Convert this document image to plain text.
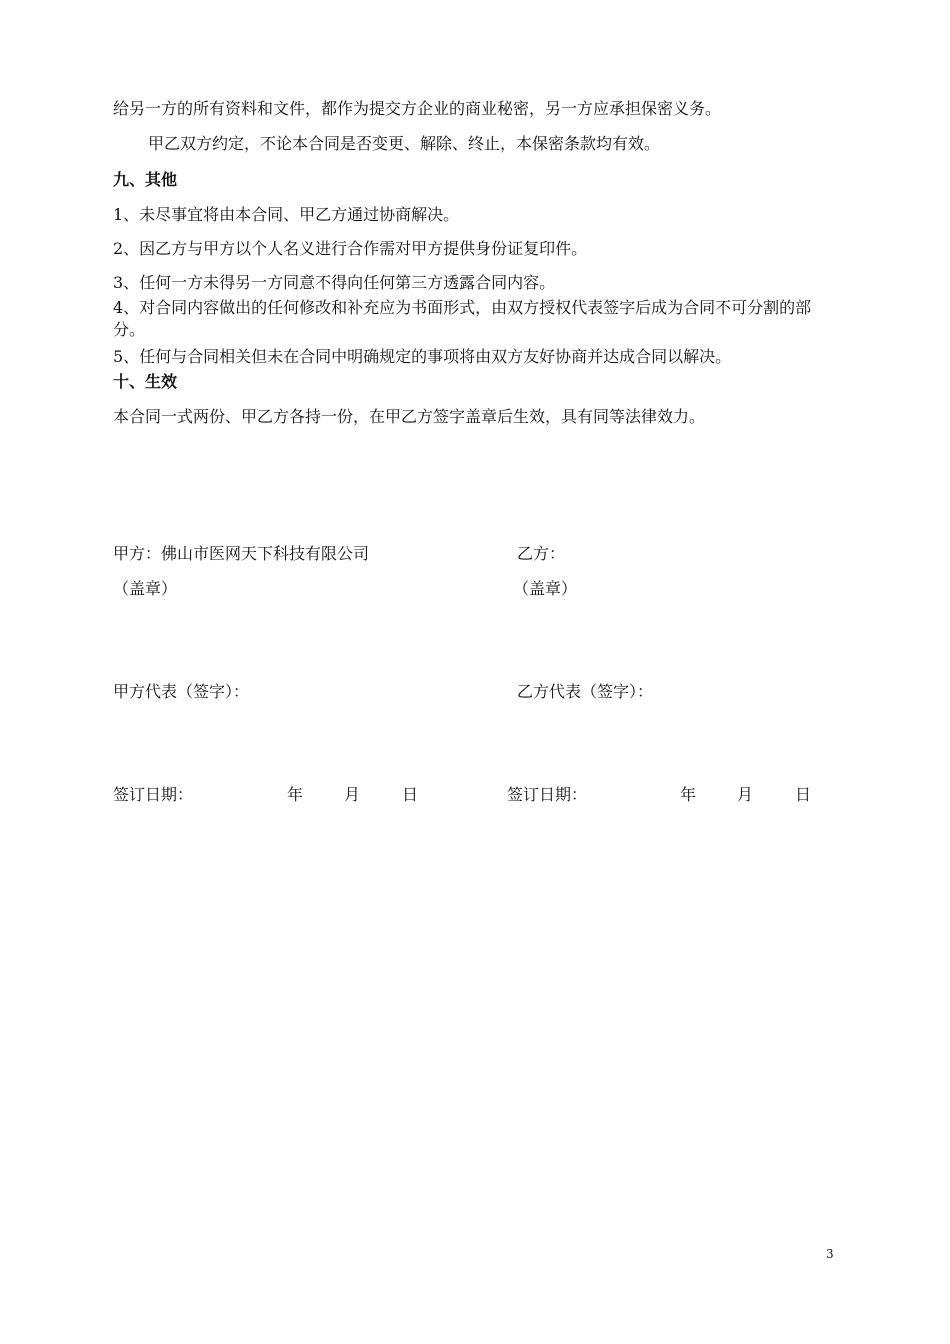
给另一方的所有资料和文件，都作为提交方企业的商业秘密，另一方应承担保密义务。
甲乙双方约定，不论本合同是否变更、解除、终止，本保密条款均有效。
九、其他
1、未尽事宜将由本合同、甲乙方通过协商解决。
2、因乙方与甲方以个人名义进行合作需对甲方提供身份证复印件。
3、任何一方未得另一方同意不得向任何第三方透露合同内容。
4、对合同内容做出的任何修改和补充应为书面形式，由双方授权代表签字后成为合同不可分割的部分。
5、任何与合同相关但未在合同中明确规定的事项将由双方友好协商并达成合同以解决。
十、生效
本合同一式两份、甲乙方各持一份，在甲乙方签字盖章后生效，具有同等法律效力。
甲方：佛山市医网天下科技有限公司	乙方：
（盖章）	（盖章）
甲方代表（签字）：	乙方代表（签字）：
签订日期：	年	月	日	签订日期：	年	月	日
3
